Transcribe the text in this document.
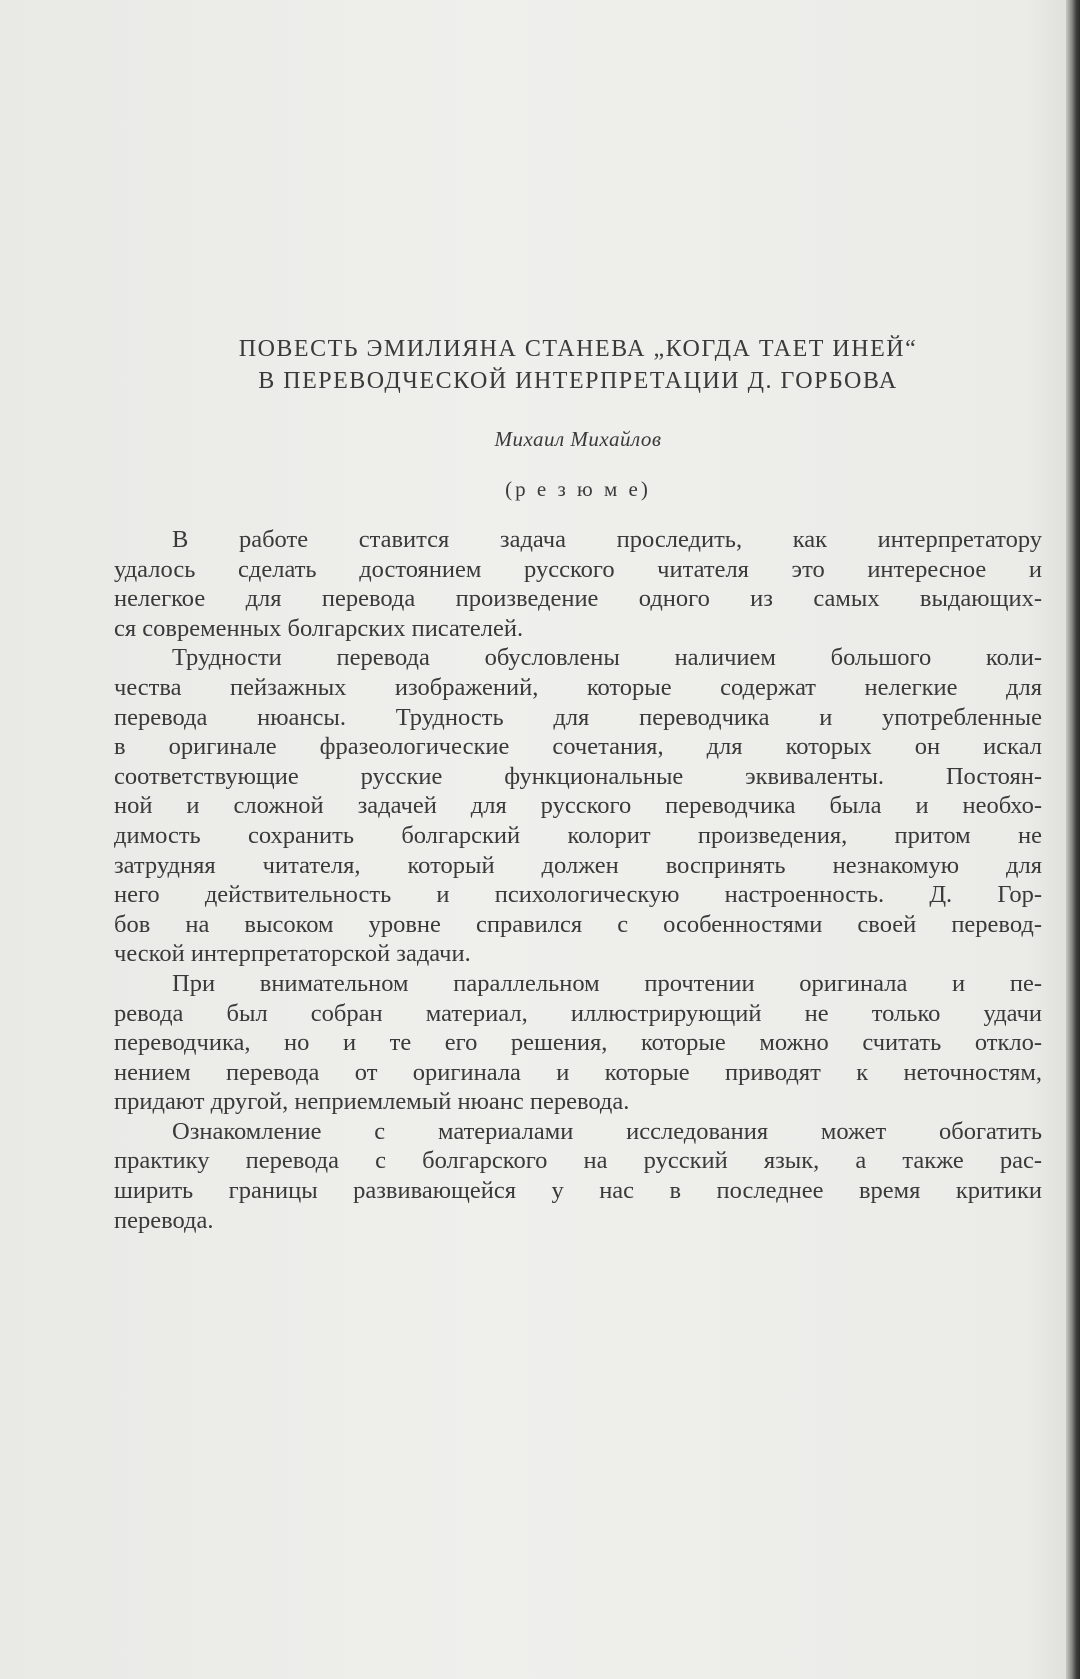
ПОВЕСТЬ ЭМИЛИЯНА СТАНЕВА „КОГДА ТАЕТ ИНЕЙ“
В ПЕРЕВОДЧЕСКОЙ ИНТЕРПРЕТАЦИИ Д. ГОРБОВА
Михаил Михайлов
(р е з ю м е)

В работе ставится задача проследить, как интерпретатору
удалось сделать достоянием русского читателя это интересное и
нелегкое для перевода произведение одного из самых выдающих-
ся современных болгарских писателей.

Трудности перевода обусловлены наличием большого коли-
чества пейзажных изображений, которые содержат нелегкие для
перевода нюансы. Трудность для переводчика и употребленные
в оригинале фразеологические сочетания, для которых он искал
соответствующие русские функциональные эквиваленты. Постоян-
ной и сложной задачей для русского переводчика была и необхо-
димость сохранить болгарский колорит произведения, притом не
затрудняя читателя, который должен воспринять незнакомую для
него действительность и психологическую настроенность. Д. Гор-
бов на высоком уровне справился с особенностями своей перевод-
ческой интерпретаторской задачи.

При внимательном параллельном прочтении оригинала и пе-
ревода был собран материал, иллюстрирующий не только удачи
переводчика, но и те его решения, которые можно считать откло-
нением перевода от оригинала и которые приводят к неточностям,
придают другой, неприемлемый нюанс перевода.

Ознакомление с материалами исследования может обогатить
практику перевода с болгарского на русский язык, а также рас-
ширить границы развивающейся у нас в последнее время критики
перевода.
